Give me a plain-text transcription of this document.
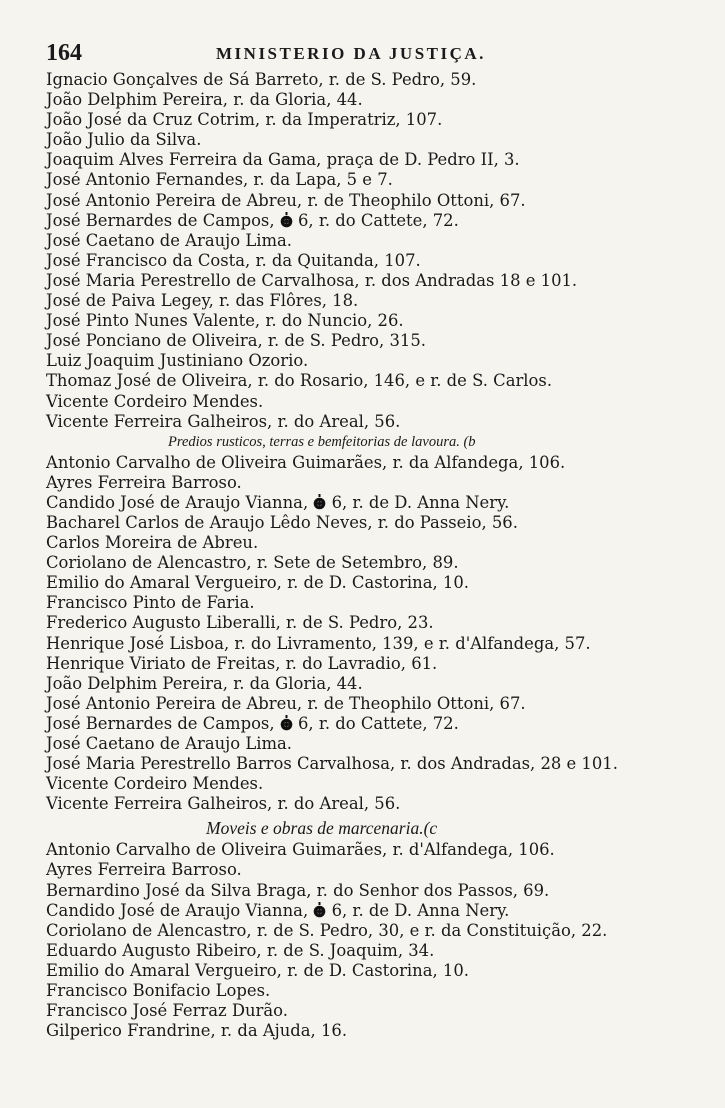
164	MINISTERIO DA JUSTIÇA.
Ignacio Gonçalves de Sá Barreto, r. de S. Pedro, 59.
João Delphim Pereira, r. da Gloria, 44.
João José da Cruz Cotrim, r. da Imperatriz, 107.
João Julio da Silva.
Joaquim Alves Ferreira da Gama, praça de D. Pedro II, 3.
José Antonio Fernandes, r. da Lapa, 5 e 7.
José Antonio Pereira de Abreu, r. de Theophilo Ottoni, 67.
José Bernardes de Campos,
6, r. do Cattete, 72.
José Caetano de Araujo Lima.
José Francisco da Costa, r. da Quitanda, 107.
José Maria Perestrello de Carvalhosa, r. dos Andradas 18 e 101.
José de Paiva Legey, r. das Flôres, 18.
José Pinto Nunes Valente, r. do Nuncio, 26.
José Ponciano de Oliveira, r. de S. Pedro, 315.
Luiz Joaquim Justiniano Ozorio.
Thomaz José de Oliveira, r. do Rosario, 146, e r. de S. Carlos.
Vicente Cordeiro Mendes.
Vicente Ferreira Galheiros, r. do Areal, 56.
Predios rusticos, terras e bemfeitorias de lavoura. (b
Antonio Carvalho de Oliveira Guimarães, r. da Alfandega, 106.
Ayres Ferreira Barroso.
Candido José de Araujo Vianna,
6, r. de D. Anna Nery.
Bacharel Carlos de Araujo Lêdo Neves, r. do Passeio, 56.
Carlos Moreira de Abreu.
Coriolano de Alencastro, r. Sete de Setembro, 89.
Emilio do Amaral Vergueiro, r. de D. Castorina, 10.
Francisco Pinto de Faria.
Frederico Augusto Liberalli, r. de S. Pedro, 23.
Henrique José Lisboa, r. do Livramento, 139, e r. d'Alfandega, 57.
Henrique Viriato de Freitas, r. do Lavradio, 61.
João Delphim Pereira, r. da Gloria, 44.
José Antonio Pereira de Abreu, r. de Theophilo Ottoni, 67.
José Bernardes de Campos,
6, r. do Cattete, 72.
José Caetano de Araujo Lima.
José Maria Perestrello Barros Carvalhosa, r. dos Andradas, 28 e 101.
Vicente Cordeiro Mendes.
Vicente Ferreira Galheiros, r. do Areal, 56.
Moveis e obras de marcenaria.(c
Antonio Carvalho de Oliveira Guimarães, r. d'Alfandega, 106.
Ayres Ferreira Barroso.
Bernardino José da Silva Braga, r. do Senhor dos Passos, 69.
Candido José de Araujo Vianna,
6, r. de D. Anna Nery.
Coriolano de Alencastro, r. de S. Pedro, 30, e r. da Constituição, 22.
Eduardo Augusto Ribeiro, r. de S. Joaquim, 34.
Emilio do Amaral Vergueiro, r. de D. Castorina, 10.
Francisco Bonifacio Lopes.
Francisco José Ferraz Durão.
Gilperico Frandrine, r. da Ajuda, 16.
